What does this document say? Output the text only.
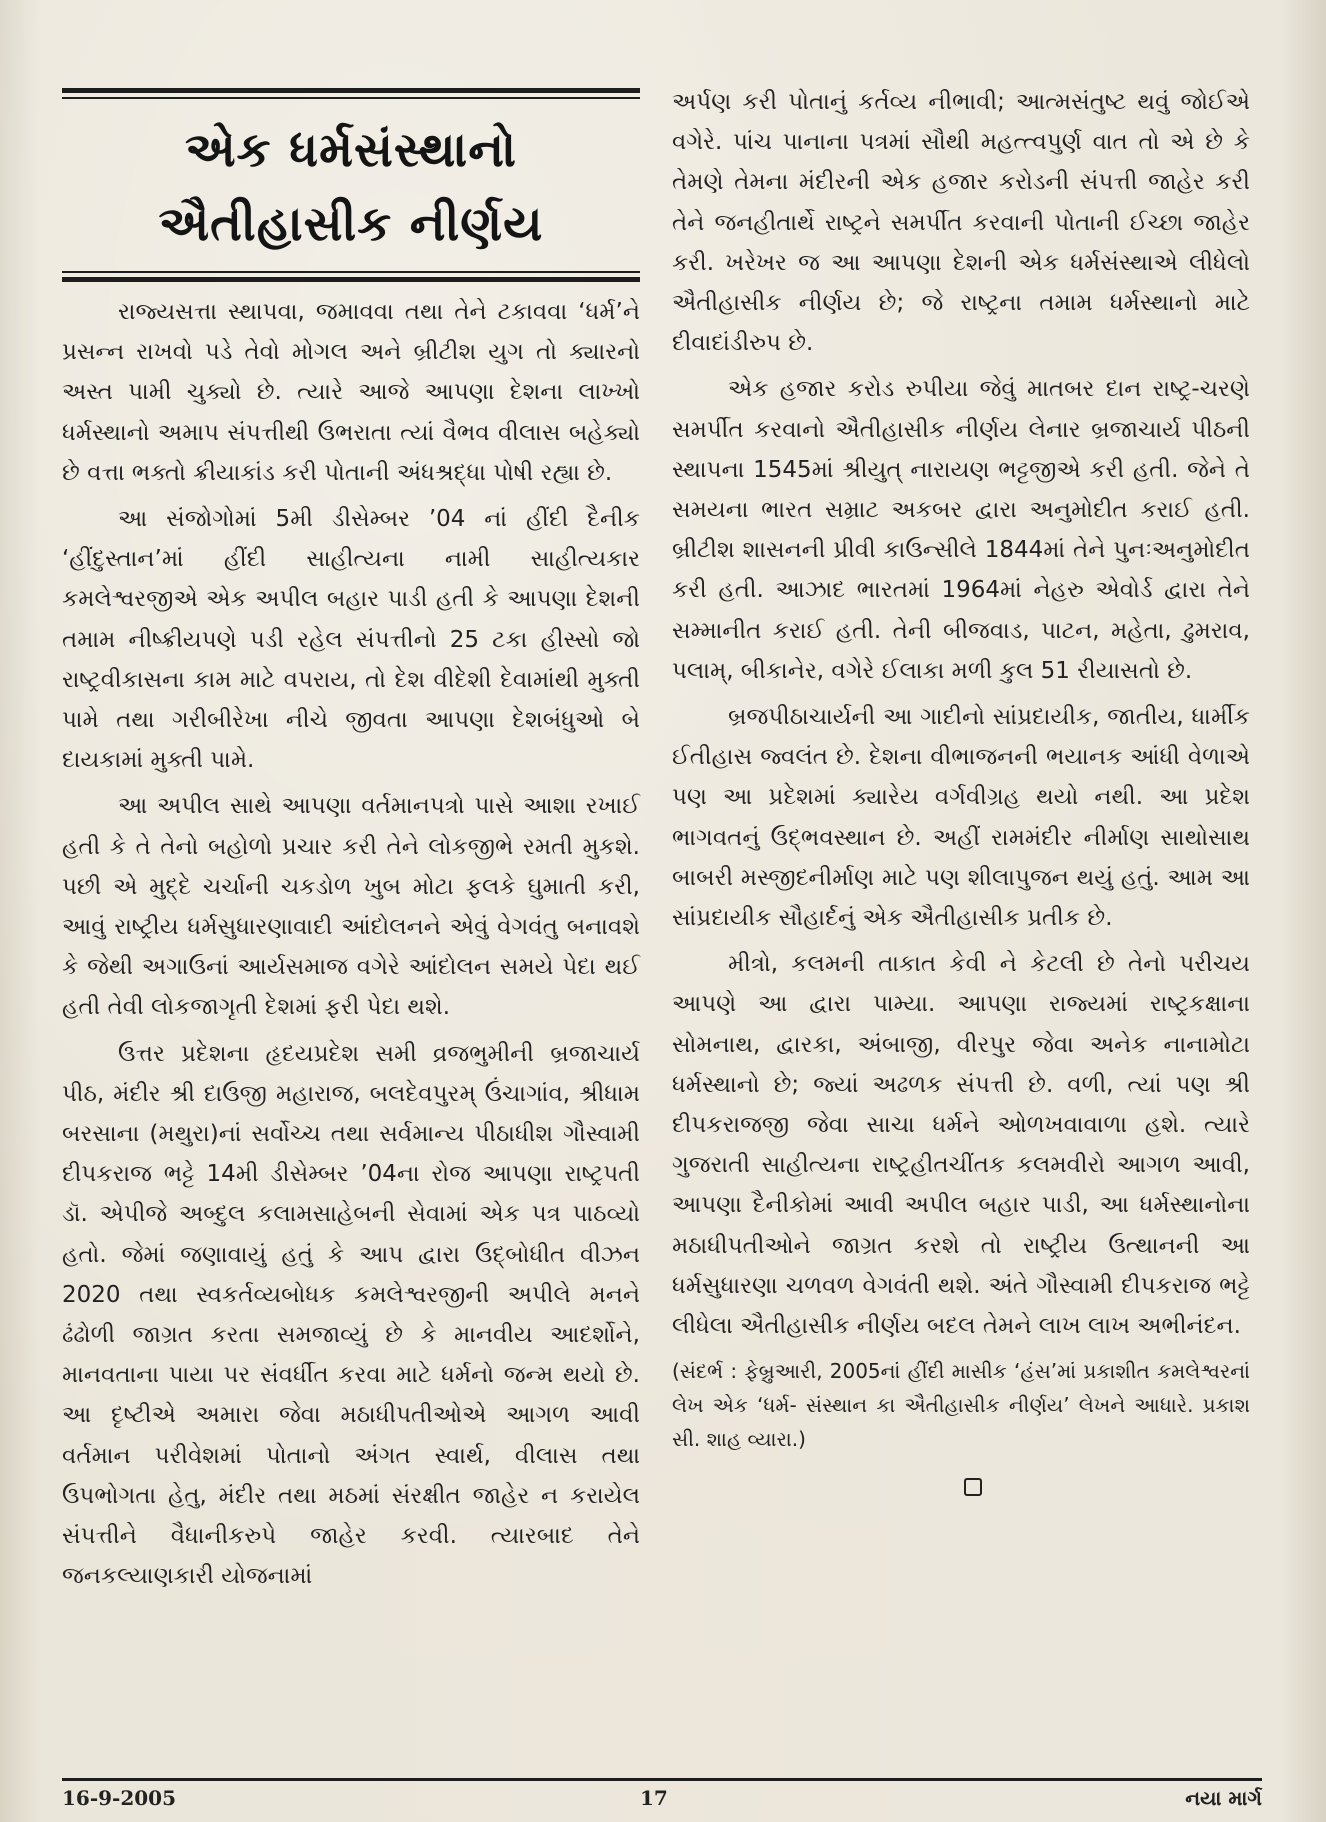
એક ધર્મસંસ્થાનો
ઐતીહાસીક નીર્ણય

રાજ્યસત્તા સ્થાપવા, જમાવવા તથા તેને ટકાવવા ‘ધર્મ’ને પ્રસન્ન રાખવો પડે તેવો મોગલ અને બ્રીટીશ યુગ તો ક્યારનો અસ્ત પામી ચુક્યો છે. ત્યારે આજે આપણા દેશના લાખ્ખો ધર્મસ્થાનો અમાપ સંપત્તીથી ઉભરાતા ત્યાં વૈભવ વીલાસ બહેક્યો છે વત્તા ભક્તો ક્રીયાકાંડ કરી પોતાની અંધશ્રદ્ધા પોષી રહ્યા છે.

આ સંજોગોમાં 5મી ડીસેમ્બર ’04 નાં હીંદી દૈનીક ‘હીંદુસ્તાન’માં હીંદી સાહીત્યના નામી સાહીત્યકાર કમલેશ્વરજીએ એક અપીલ બહાર પાડી હતી કે આપણા દેશની તમામ નીષ્ક્રીયપણે પડી રહેલ સંપત્તીનો 25 ટકા હીસ્સો જો રાષ્ટ્રવીકાસના કામ માટે વપરાય, તો દેશ વીદેશી દેવામાંથી મુક્તી પામે તથા ગરીબીરેખા નીચે જીવતા આપણા દેશબંધુઓ બે દાયકામાં મુક્તી પામે.

આ અપીલ સાથે આપણા વર્તમાનપત્રો પાસે આશા રખાઈ હતી કે તે તેનો બહોળો પ્રચાર કરી તેને લોકજીભે રમતી મુકશે. પછી એ મુદ્દે ચર્ચાની ચકડોળ ખુબ મોટા ફલકે ઘુમાતી કરી, આવું રાષ્ટ્રીય ધર્મસુધારણાવાદી આંદોલનને એવું વેગવંતુ બનાવશે કે જેથી અગાઉનાં આર્યસમાજ વગેરે આંદોલન સમયે પેદા થઈ હતી તેવી લોકજાગૃતી દેશમાં ફરી પેદા થશે.

ઉત્તર પ્રદેશના હૃદયપ્રદેશ સમી વ્રજભુમીની બ્રજાચાર્ય પીઠ, મંદીર શ્રી દાઉજી મહારાજ, બલદેવપુરમ્ ઉંચાગાંવ, શ્રીધામ બરસાના (મથુરા)નાં સર્વોચ્ચ તથા સર્વમાન્ય પીઠાધીશ ગૌસ્વામી દીપકરાજ ભટ્ટે 14મી ડીસેમ્બર ’04ના રોજ આપણા રાષ્ટ્રપતી ડૉ. એપીજે અબ્દુલ કલામસાહેબની સેવામાં એક પત્ર પાઠવ્યો હતો. જેમાં જણાવાયું હતું કે આપ દ્વારા ઉદ્બોધીત વીઝન 2020 તથા સ્વકર્તવ્યબોધક કમલેશ્વરજીની અપીલે મનને ઢંઢોળી જાગ્રત કરતા સમજાવ્યું છે કે માનવીય આદર્શોને, માનવતાના પાયા પર સંવર્ધીત કરવા માટે ધર્મનો જન્મ થયો છે. આ દૃષ્ટીએ અમારા જેવા મઠાધીપતીઓએ આગળ આવી વર્તમાન પરીવેશમાં પોતાનો અંગત સ્વાર્થ, વીલાસ તથા ઉપભોગતા હેતુ, મંદીર તથા મઠમાં સંરક્ષીત જાહેર ન કરાયેલ સંપત્તીને વૈધાનીકરુપે જાહેર કરવી. ત્યારબાદ તેને જનકલ્યાણકારી યોજનામાં

અર્પણ કરી પોતાનું કર્તવ્ય નીભાવી; આત્મસંતુષ્ટ થવું જોઈએ વગેરે. પાંચ પાનાના પત્રમાં સૌથી મહત્ત્વપુર્ણ વાત તો એ છે કે તેમણે તેમના મંદીરની એક હજાર કરોડની સંપત્તી જાહેર કરી તેને જનહીતાર્થે રાષ્ટ્રને સમર્પીત કરવાની પોતાની ઈચ્છા જાહેર કરી. ખરેખર જ આ આપણા દેશની એક ધર્મસંસ્થાએ લીધેલો ઐતીહાસીક નીર્ણય છે; જે રાષ્ટ્રના તમામ ધર્મસ્થાનો માટે દીવાદાંડીરુપ છે.

એક હજાર કરોડ રુપીયા જેવું માતબર દાન રાષ્ટ્ર-ચરણે સમર્પીત કરવાનો ઐતીહાસીક નીર્ણય લેનાર બ્રજાચાર્ય પીઠની સ્થાપના 1545માં શ્રીયુત્ નારાયણ ભટ્ટજીએ કરી હતી. જેને તે સમયના ભારત સમ્રાટ અકબર દ્વારા અનુમોદીત કરાઈ હતી. બ્રીટીશ શાસનની પ્રીવી કાઉન્સીલે 1844માં તેને પુનઃઅનુમોદીત કરી હતી. આઝાદ ભારતમાં 1964માં નેહરુ એવોર્ડ દ્વારા તેને સમ્માનીત કરાઈ હતી. તેની બીજવાડ, પાટન, મહેતા, ઢુમરાવ, પલામ્, બીકાનેર, વગેરે ઈલાકા મળી કુલ 51 રીયાસતો છે.

બ્રજપીઠાચાર્યની આ ગાદીનો સાંપ્રદાયીક, જાતીય, ધાર્મીક ઈતીહાસ જ્વલંત છે. દેશના વીભાજનની ભયાનક આંધી વેળાએ પણ આ પ્રદેશમાં ક્યારેય વર્ગવીગ્રહ થયો નથી. આ પ્રદેશ ભાગવતનું ઉદ્ભવસ્થાન છે. અહીં રામમંદીર નીર્માણ સાથોસાથ બાબરી મસ્જીદનીર્માણ માટે પણ શીલાપુજન થયું હતું. આમ આ સાંપ્રદાયીક સૌહાર્દનું એક ઐતીહાસીક પ્રતીક છે.

મીત્રો, કલમની તાકાત કેવી ને કેટલી છે તેનો પરીચય આપણે આ દ્વારા પામ્યા. આપણા રાજ્યમાં રાષ્ટ્રકક્ષાના સોમનાથ, દ્વારકા, અંબાજી, વીરપુર જેવા અનેક નાનામોટા ધર્મસ્થાનો છે; જ્યાં અઢળક સંપત્તી છે. વળી, ત્યાં પણ શ્રી દીપકરાજજી જેવા સાચા ધર્મને ઓળખવાવાળા હશે. ત્યારે ગુજરાતી સાહીત્યના રાષ્ટ્રહીતચીંતક કલમવીરો આગળ આવી, આપણા દૈનીકોમાં આવી અપીલ બહાર પાડી, આ ધર્મસ્થાનોના મઠાધીપતીઓને જાગ્રત કરશે તો રાષ્ટ્રીય ઉત્થાનની આ ધર્મસુધારણા ચળવળ વેગવંતી થશે. અંતે ગૌસ્વામી દીપકરાજ ભટ્ટે લીધેલા ઐતીહાસીક નીર્ણય બદલ તેમને લાખ લાખ અભીનંદન.

(સંદર્ભ : ફેબ્રુઆરી, 2005નાં હીંદી માસીક ‘હંસ’માં પ્રકાશીત કમલેશ્વરનાં લેખ એક ‘ધર્મ- સંસ્થાન કા ઐતીહાસીક નીર્ણય’ લેખને આધારે. પ્રકાશ સી. શાહ વ્યારા.)

16-9-2005	17	નયા માર્ગ
